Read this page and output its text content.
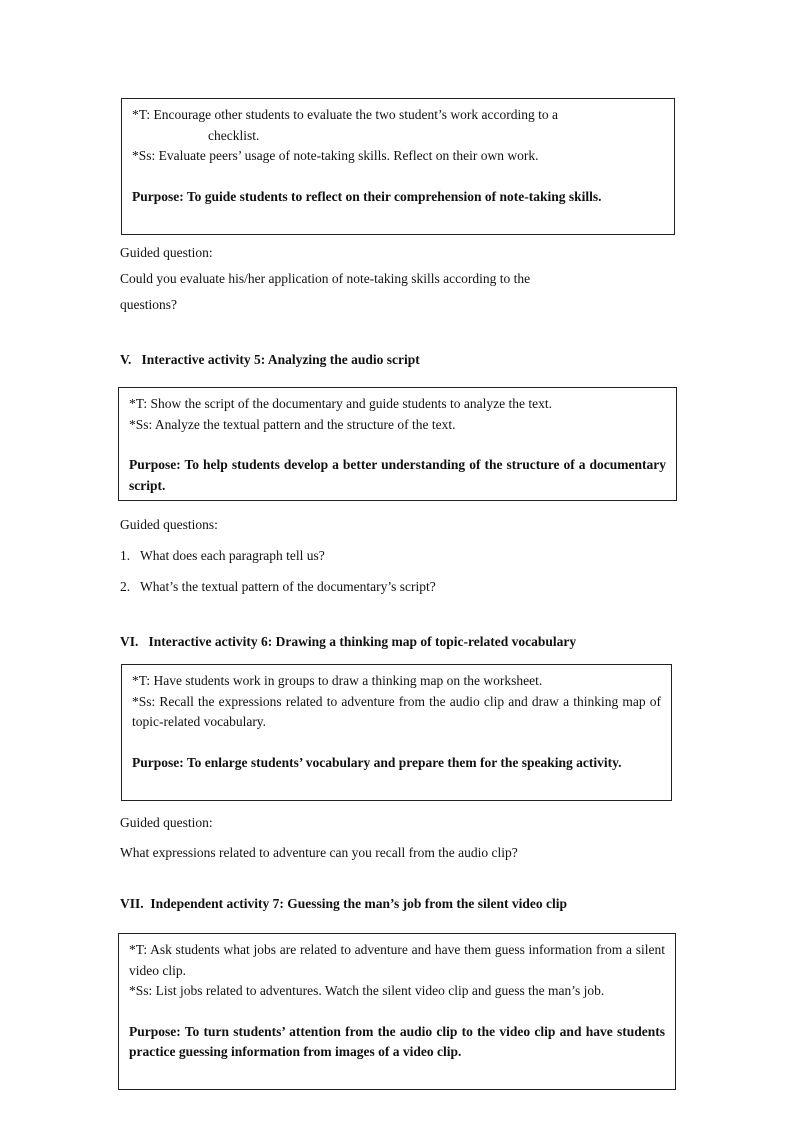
*T: Encourage other students to evaluate the two student’s work according to a
checklist.

*Ss: Evaluate peers’ usage of note-taking skills. Reflect on their own work.

Purpose: To guide students to reflect on their comprehension of note-taking skills.

Guided question:
Could you evaluate his/her application of note-taking skills according to the
questions?
V.   Interactive activity 5: Analyzing the audio script

*T: Show the script of the documentary and guide students to analyze the text.

*Ss: Analyze the textual pattern and the structure of the text.

Purpose: To help students develop a better understanding of the structure of a documentary script.

Guided questions:
1.   What does each paragraph tell us?
2.   What’s the textual pattern of the documentary’s script?
VI.   Interactive activity 6: Drawing a thinking map of topic-related vocabulary

*T: Have students work in groups to draw a thinking map on the worksheet.

*Ss: Recall the expressions related to adventure from the audio clip and draw a thinking map of topic-related vocabulary.

Purpose: To enlarge students’ vocabulary and prepare them for the speaking activity.

Guided question:
What expressions related to adventure can you recall from the audio clip?
VII.  Independent activity 7: Guessing the man’s job from the silent video clip

*T: Ask students what jobs are related to adventure and have them guess information from a silent video clip.

*Ss: List jobs related to adventures. Watch the silent video clip and guess the man’s job.

Purpose: To turn students’ attention from the audio clip to the video clip and have students practice guessing information from images of a video clip.
